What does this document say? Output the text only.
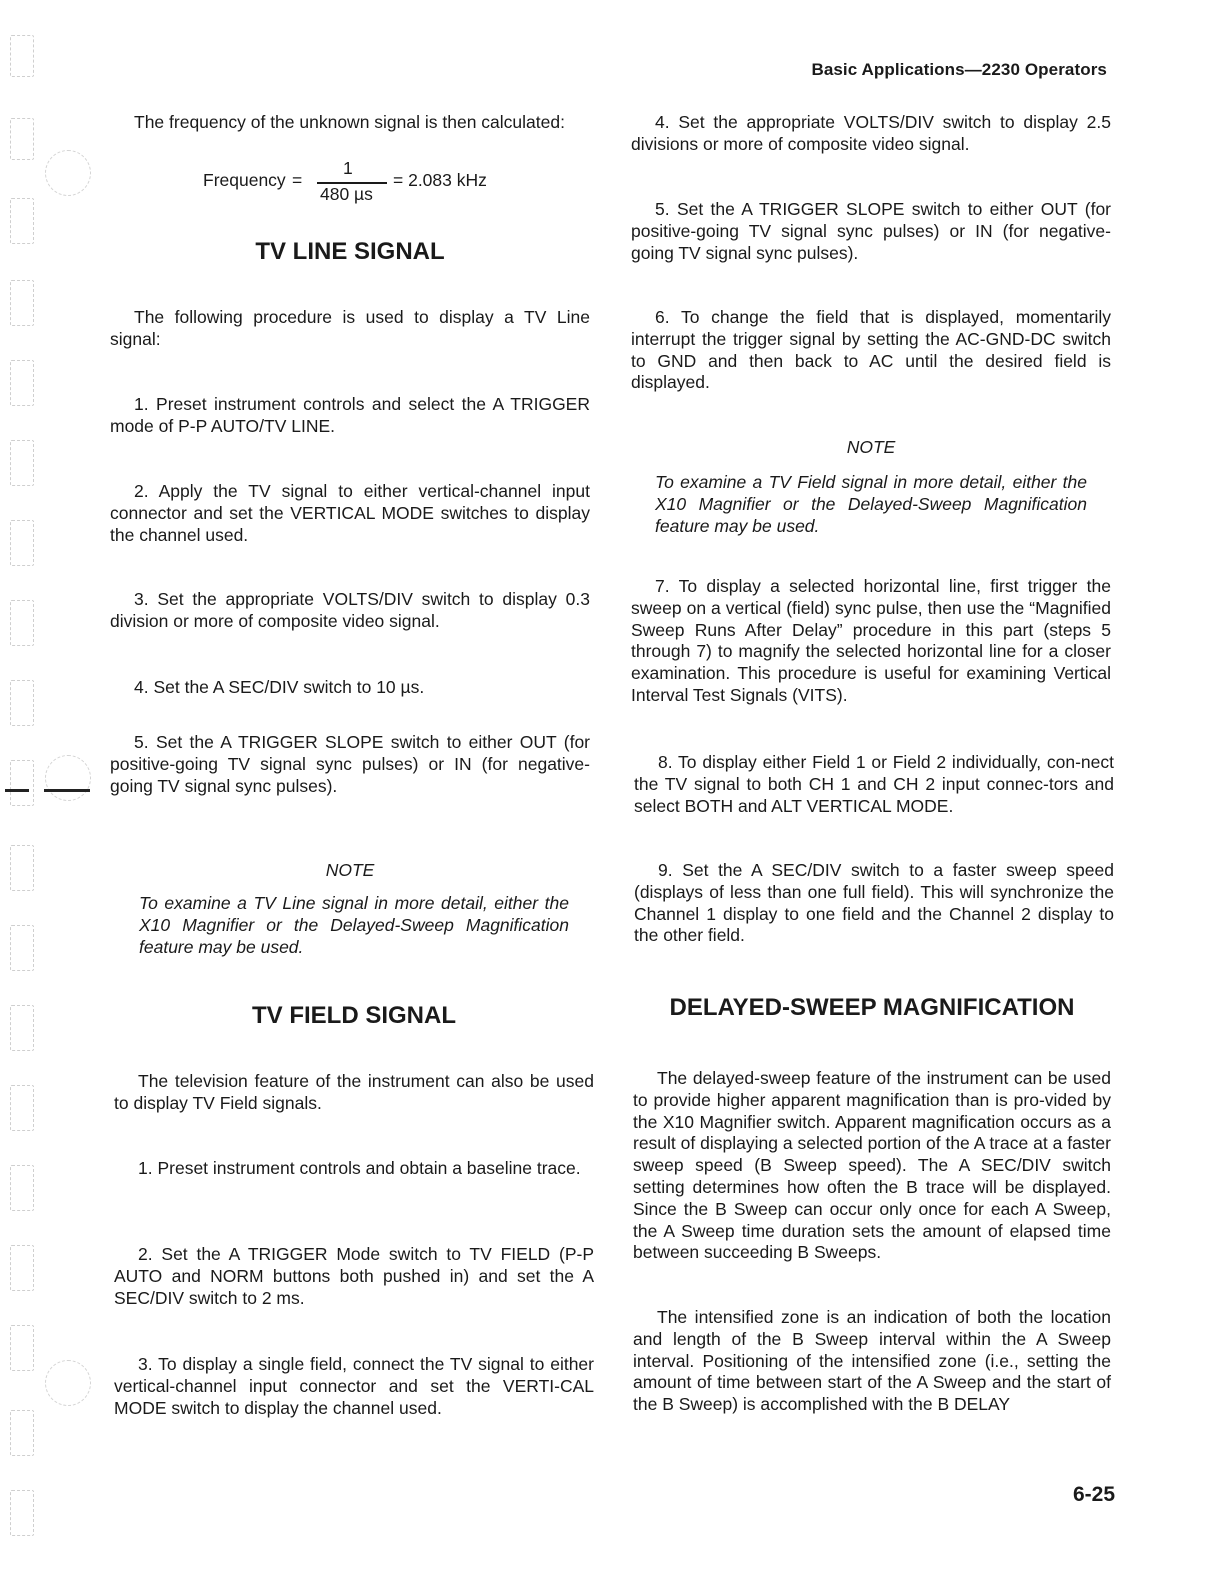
Basic Applications—2230 Operators

The frequency of the unknown signal is then calculated:

Frequency =
1
480 µs
= 2.083 kHz
TV LINE SIGNAL

The following procedure is used to display a TV Line signal:

1. Preset instrument controls and select the A TRIGGER mode of P-P AUTO/TV LINE.

2. Apply the TV signal to either vertical-channel input connector and set the VERTICAL MODE switches to display the channel used.

3. Set the appropriate VOLTS/DIV switch to display 0.3 division or more of composite video signal.

4. Set the A SEC/DIV switch to 10 µs.

5. Set the A TRIGGER SLOPE switch to either OUT (for positive-going TV signal sync pulses) or IN (for negative-going TV signal sync pulses).

NOTE
To examine a TV Line signal in more detail, either the X10 Magnifier or the Delayed-Sweep Magnification feature may be used.
TV FIELD SIGNAL

The television feature of the instrument can also be used to display TV Field signals.

1. Preset instrument controls and obtain a baseline trace.

2. Set the A TRIGGER Mode switch to TV FIELD (P-P AUTO and NORM buttons both pushed in) and set the A SEC/DIV switch to 2 ms.

3. To display a single field, connect the TV signal to either vertical-channel input connector and set the VERTI-CAL MODE switch to display the channel used.

4. Set the appropriate VOLTS/DIV switch to display 2.5 divisions or more of composite video signal.

5. Set the A TRIGGER SLOPE switch to either OUT (for positive-going TV signal sync pulses) or IN (for negative-going TV signal sync pulses).

6. To change the field that is displayed, momentarily interrupt the trigger signal by setting the AC-GND-DC switch to GND and then back to AC until the desired field is displayed.

NOTE
To examine a TV Field signal in more detail, either the X10 Magnifier or the Delayed-Sweep Magnification feature may be used.

7. To display a selected horizontal line, first trigger the sweep on a vertical (field) sync pulse, then use the “Magnified Sweep Runs After Delay” procedure in this part (steps 5 through 7) to magnify the selected horizontal line for a closer examination. This procedure is useful for examining Vertical Interval Test Signals (VITS).

8. To display either Field 1 or Field 2 individually, con-nect the TV signal to both CH 1 and CH 2 input connec-tors and select BOTH and ALT VERTICAL MODE.

9. Set the A SEC/DIV switch to a faster sweep speed (displays of less than one full field). This will synchronize the Channel 1 display to one field and the Channel 2 display to the other field.

DELAYED-SWEEP MAGNIFICATION

The delayed-sweep feature of the instrument can be used to provide higher apparent magnification than is pro-vided by the X10 Magnifier switch. Apparent magnification occurs as a result of displaying a selected portion of the A trace at a faster sweep speed (B Sweep speed). The A SEC/DIV switch setting determines how often the B trace will be displayed. Since the B Sweep can occur only once for each A Sweep, the A Sweep time duration sets the amount of elapsed time between succeeding B Sweeps.

The intensified zone is an indication of both the location and length of the B Sweep interval within the A Sweep interval. Positioning of the intensified zone (i.e., setting the amount of time between start of the A Sweep and the start of the B Sweep) is accomplished with the B DELAY

6-25
